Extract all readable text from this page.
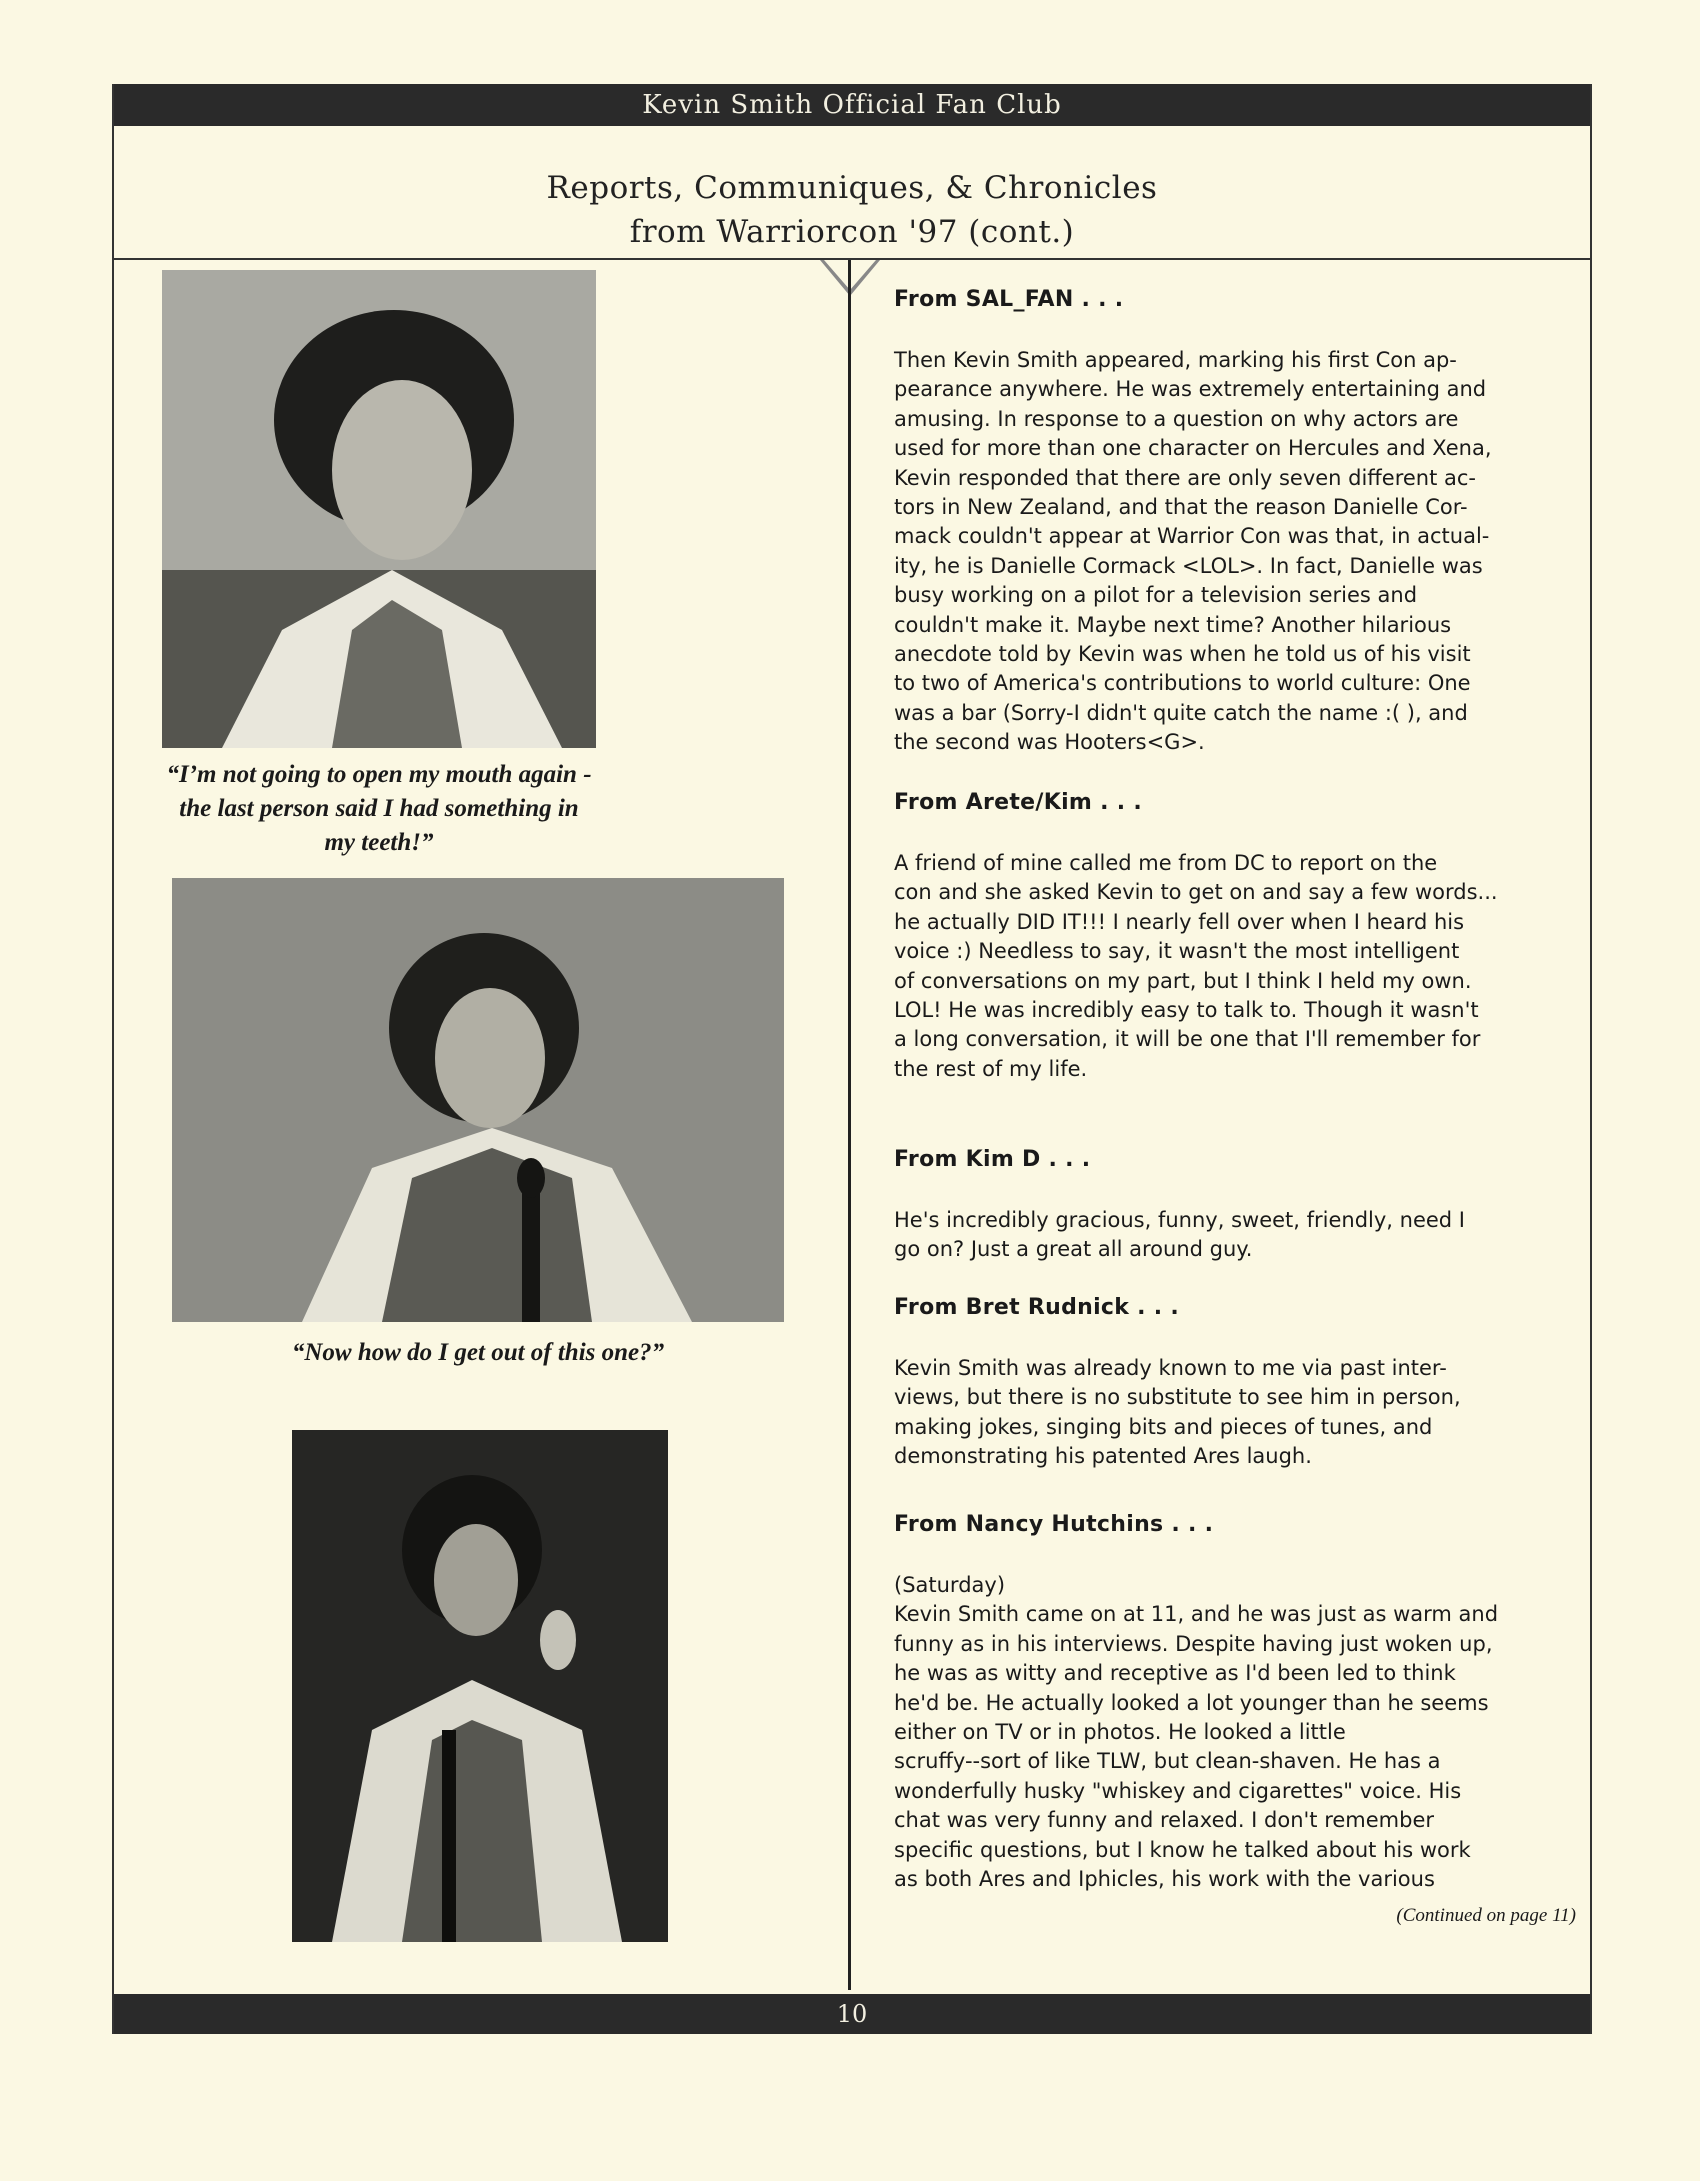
Kevin Smith Official Fan Club
Reports, Communiques, & Chronicles
from Warriorcon '97 (cont.)
“I’m not going to open my mouth again - the last person said I had something in my teeth!”
“Now how do I get out of this one?”
(Continued on page 11)
10

From SAL_FAN . . .

Then Kevin Smith appeared, marking his first Con ap-
pearance anywhere. He was extremely entertaining and
amusing. In response to a question on why actors are
used for more than one character on Hercules and Xena,
Kevin responded that there are only seven different ac-
tors in New Zealand, and that the reason Danielle Cor-
mack couldn't appear at Warrior Con was that, in actual-
ity, he is Danielle Cormack <LOL>. In fact, Danielle was
busy working on a pilot for a television series and
couldn't make it. Maybe next time? Another hilarious
anecdote told by Kevin was when he told us of his visit
to two of America's contributions to world culture: One
was a bar (Sorry-I didn't quite catch the name :( ), and
the second was Hooters<G>.

From Arete/Kim . . .

A friend of mine called me from DC to report on the
con and she asked Kevin to get on and say a few words...
he actually DID IT!!! I nearly fell over when I heard his
voice :) Needless to say, it wasn't the most intelligent
of conversations on my part, but I think I held my own.
LOL! He was incredibly easy to talk to. Though it wasn't
a long conversation, it will be one that I'll remember for
the rest of my life.

From Kim D . . .

He's incredibly gracious, funny, sweet, friendly, need I
go on? Just a great all around guy.

From Bret Rudnick . . .

Kevin Smith was already known to me via past inter-
views, but there is no substitute to see him in person,
making jokes, singing bits and pieces of tunes, and
demonstrating his patented Ares laugh.

From Nancy Hutchins . . .

(Saturday)
Kevin Smith came on at 11, and he was just as warm and
funny as in his interviews. Despite having just woken up,
he was as witty and receptive as I'd been led to think
he'd be. He actually looked a lot younger than he seems
either on TV or in photos. He looked a little
scruffy--sort of like TLW, but clean-shaven. He has a
wonderfully husky "whiskey and cigarettes" voice. His
chat was very funny and relaxed. I don't remember
specific questions, but I know he talked about his work
as both Ares and Iphicles, his work with the various
